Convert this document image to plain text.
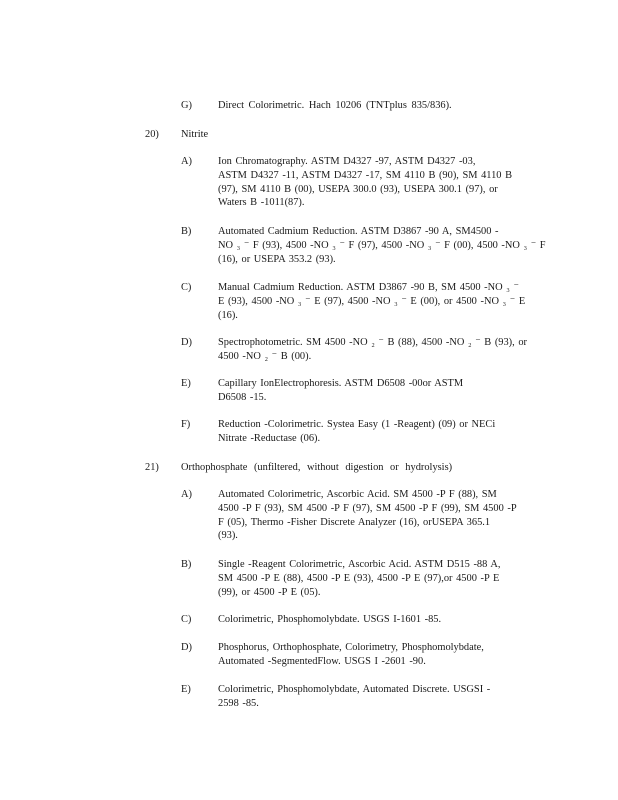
G)	Direct Colorimetric. Hach 10206 (TNTplus 835/836).
20) Nitrite
A)	Ion Chromatography. ASTM D4327 -97, ASTM D4327 -03,
ASTM D4327 -11, ASTM D4327 -17, SM 4110 B (90), SM 4110 B
(97), SM 4110 B (00), USEPA 300.0 (93), USEPA 300.1 (97), or
Waters B -1011(87).
B)	Automated Cadmium Reduction. ASTM D3867 -90 A, SM4500 -
NO ₃ ⁻ F (93), 4500 -NO ₃ ⁻ F (97), 4500 -NO ₃ ⁻ F (00), 4500 -NO ₃ ⁻ F
(16), or USEPA 353.2 (93).
C)	Manual Cadmium Reduction. ASTM D3867 -90 B, SM 4500 -NO ₃ ⁻
E (93), 4500 -NO ₃ ⁻ E (97), 4500 -NO ₃ ⁻ E (00), or 4500 -NO ₃ ⁻ E
(16).
D)	Spectrophotometric. SM 4500 -NO ₂ ⁻ B (88), 4500 -NO ₂ ⁻ B (93), or
4500 -NO ₂ ⁻ B (00).
E)	Capillary IonElectrophoresis. ASTM D6508 -00or ASTM
D6508 -15.
F)	Reduction -Colorimetric. Systea Easy (1 -Reagent) (09) or NECi
Nitrate -Reductase (06).
21) Orthophosphate (unfiltered, without digestion or hydrolysis)
A)	Automated Colorimetric, Ascorbic Acid. SM 4500 -P F (88), SM
4500 -P F (93), SM 4500 -P F (97), SM 4500 -P F (99), SM 4500 -P
F (05), Thermo -Fisher Discrete Analyzer (16), orUSEPA 365.1
(93).
B)	Single -Reagent Colorimetric, Ascorbic Acid. ASTM D515 -88 A,
SM 4500 -P E (88), 4500 -P E (93), 4500 -P E (97),or 4500 -P E
(99), or 4500 -P E (05).
C)	Colorimetric, Phosphomolybdate. USGS I-1601 -85.
D)	Phosphorus, Orthophosphate, Colorimetry, Phosphomolybdate,
Automated -SegmentedFlow. USGS I -2601 -90.
E)	Colorimetric, Phosphomolybdate, Automated Discrete. USGSI -
2598 -85.
